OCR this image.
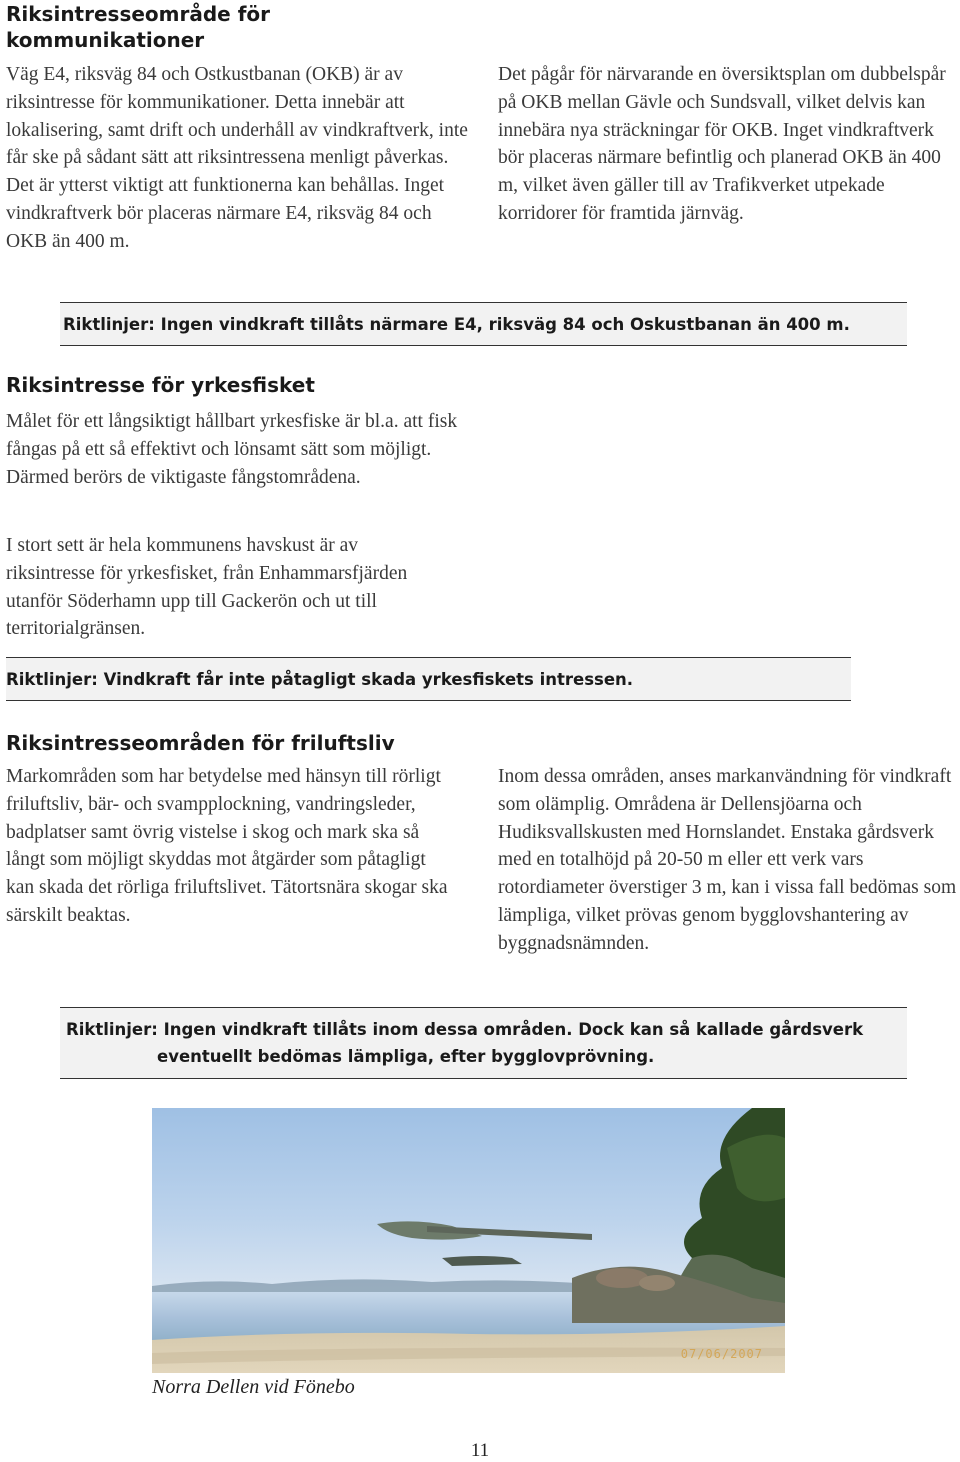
Riksintresseområde för kommunikationer

Väg E4, riksväg 84 och Ostkustbanan (OKB) är av riksintresse för kommunikationer. Detta innebär att lokalisering, samt drift och underhåll av vindkraftverk, inte får ske på sådant sätt att riksintressena menligt påverkas. Det är ytterst viktigt att funktionerna kan behållas. Inget vindkraftverk bör placeras närmare E4, riksväg 84 och OKB än 400 m.

Det pågår för närvarande en översiktsplan om dubbelspår på OKB mellan Gävle och Sundsvall, vilket delvis kan innebära nya sträckningar för OKB. Inget vindkraftverk bör placeras närmare befintlig och planerad OKB än 400 m, vilket även gäller till av Trafikverket utpekade korridorer för framtida järnväg.

Riktlinjer: Ingen vindkraft tillåts närmare E4, riksväg 84 och Oskustbanan än 400 m.
Riksintresse för yrkesfisket

Målet för ett långsiktigt hållbart yrkesfiske är bl.a. att fisk fångas på ett så effektivt och lönsamt sätt som möjligt. Därmed berörs de viktigaste fångstområdena.

I stort sett är hela kommunens havskust är av riksintresse för yrkesfisket, från Enhammarsfjärden utanför Söderhamn upp till Gackerön och ut till territorialgränsen.

Riktlinjer: Vindkraft får inte påtagligt skada yrkesfiskets intressen.
Riksintresseområden för friluftsliv

Markområden som har betydelse med hänsyn till rörligt friluftsliv, bär- och svampplockning, vandringsleder, badplatser samt övrig vistelse i skog och mark ska så långt som möjligt skyddas mot åtgärder som påtagligt kan skada det rörliga friluftslivet. Tätortsnära skogar ska särskilt beaktas.

Inom dessa områden, anses markanvändning för vindkraft som olämplig. Områdena är Dellensjöarna och Hudiksvallskusten med Hornslandet. Enstaka gårdsverk med en totalhöjd på 20-50 m eller ett verk vars rotordiameter överstiger 3 m, kan i vissa fall bedömas som lämpliga, vilket prövas genom bygglovshantering av byggnadsnämnden.

Riktlinjer: Ingen vindkraft tillåts inom dessa områden. Dock kan så kallade gårdsverk
eventuellt bedömas lämpliga, efter bygglovprövning.
07/06/2007

Norra Dellen vid Fönebo

11
